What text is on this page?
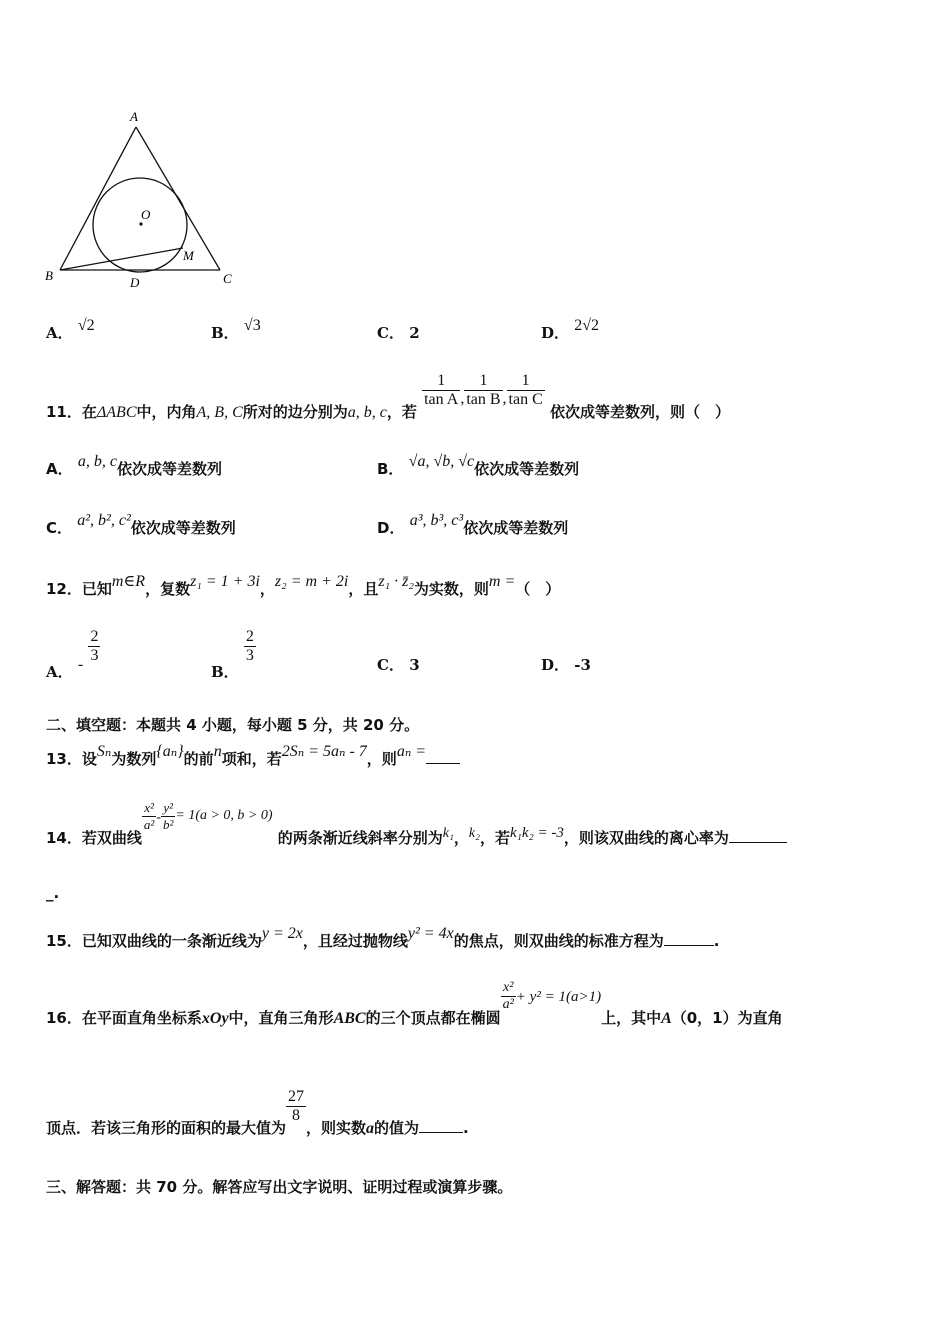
A
B	C
D
M
O
A． √2	B． √3	C． 2	D． 2√2
11．在ΔABC中，内角A, B, C所对的边分别为a, b, c，若
$\frac{1}{\text{tan A}}$ , $\frac{1}{\text{tan B}}$ , $\frac{1}{\text{tan C}}$
依次成等差数列，则（　）
A． a, b, c依次成等差数列	B． √a, √b, √c依次成等差数列
C． a², b², c²依次成等差数列	D． a³, b³, c³依次成等差数列
12．已知m∈R，复数z₁ = 1 + 3i，z₂ = m + 2i，且z₁ · z̄₂为实数，则m =（　）
A． - $\frac{2}{3}$
B．
$\frac{2}{3}$	C． 3	D． -3
二、填空题：本题共 4 小题，每小题 5 分，共 20 分。
13．设Sₙ为数列{aₙ}的前n项和，若2Sₙ = 5aₙ - 7，则aₙ =
14．若双曲线
$\frac{\text{x²}}{\text{a²}} - \frac{\text{y²}}{\text{b²}} = 1(a > 0$, b > 0) 的两条渐近线斜率分别为k₁，k₂，若k₁k₂ = -3，则该双曲线的离心率为
_.
15．已知双曲线的一条渐近线为y = 2x，且经过抛物线y² = 4x的焦点，则双曲线的标准方程为	.
16．在平面直角坐标系xOy中，直角三角形ABC的三个顶点都在椭圆
$\frac{\text{x²}}{\text{a²}} + y^2 = 1(a>1)$上，其中A（0，1）为直角
顶点．若该三角形的面积的最大值为
$\frac{27}{8}$
，则实数a的值为	.
三、解答题：共 70 分。解答应写出文字说明、证明过程或演算步骤。
